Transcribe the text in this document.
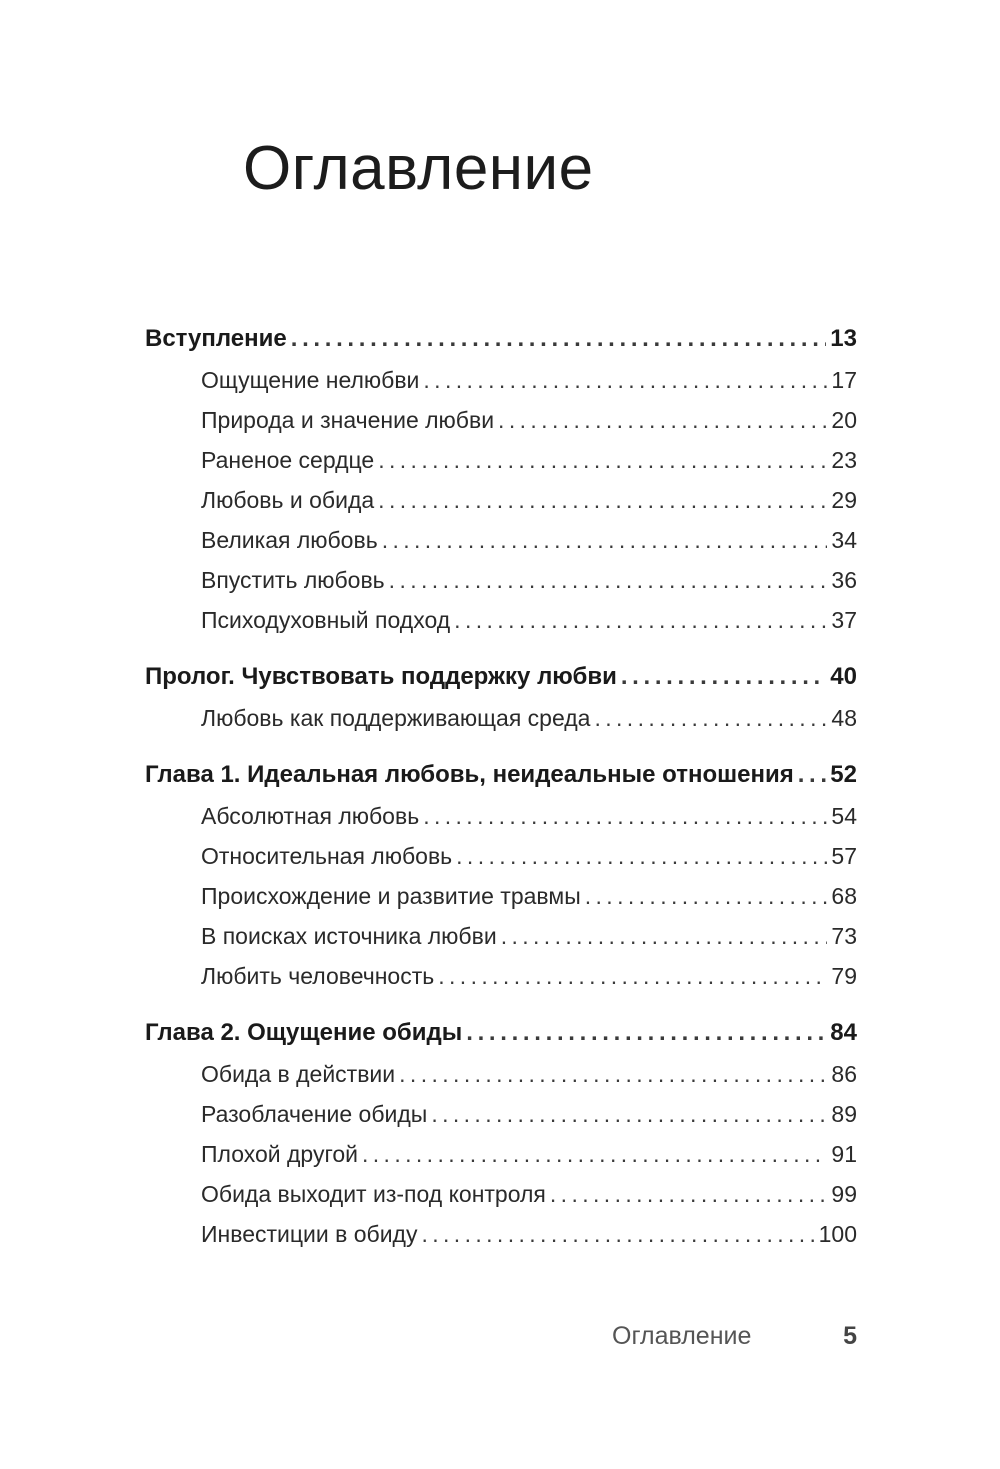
Оглавление
Вступление . . .	13
Ощущение нелюбви . . .	17
Природа и значение любви . . .	20
Раненое сердце . . .	23
Любовь и обида . . .	29
Великая любовь . . .	34
Впустить любовь . . .	36
Психодуховный подход . . .	37
Пролог. Чувствовать поддержку любви . . .	40
Любовь как поддерживающая среда . . .	48
Глава 1. Идеальная любовь, неидеальные отношения . . . 52
Абсолютная любовь . . .	54
Относительная любовь . . .	57
Происхождение и развитие травмы . . .	68
В поисках источника любви . . .	73
Любить человечность . . .	79
Глава 2. Ощущение обиды . . .	84
Обида в действии . . .	86
Разоблачение обиды . . .	89
Плохой другой . . .	91
Обида выходит из-под контроля . . .	99
Инвестиции в обиду . . .	100
Оглавление	5
